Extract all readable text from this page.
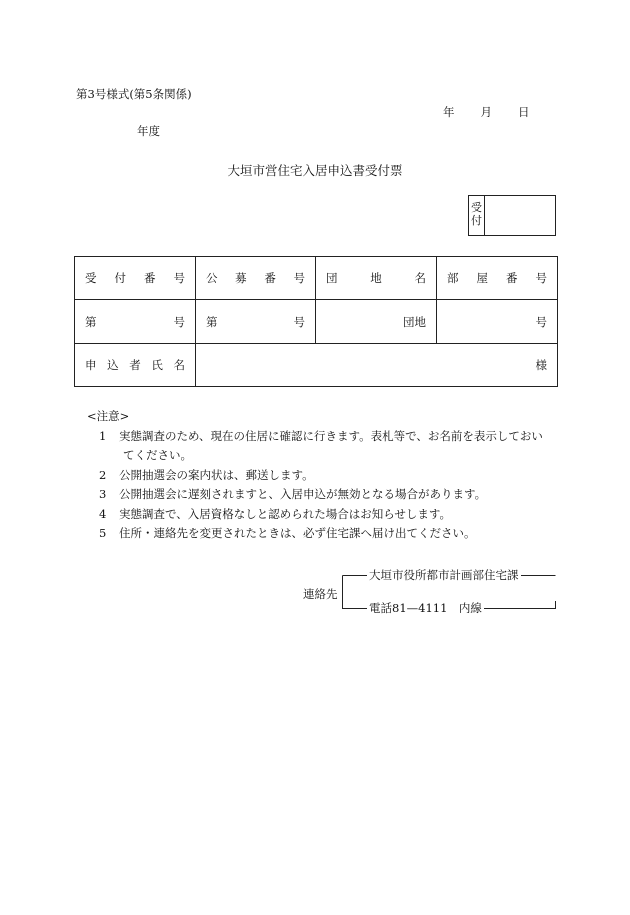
第3号様式(第5条関係)
年 月 日
年度
大垣市営住宅入居申込書受付票
受付
受 付 番 号	公 募 番 号	団 地 名	部 屋 番 号

第 号	第 号	団地	号

申 込 者 氏 名	様		
<注意>
1 実態調査のため、現在の住居に確認に行きます。表札等で、お名前を表示しておい
てください。
2 公開抽選会の案内状は、郵送します。
3 公開抽選会に遅刻されますと、入居申込が無効となる場合があります。
4 実態調査で、入居資格なしと認められた場合はお知らせします。
5 住所・連絡先を変更されたときは、必ず住宅課へ届け出てください。
連絡先
大垣市役所都市計画部住宅課
電話81—4111　内線
